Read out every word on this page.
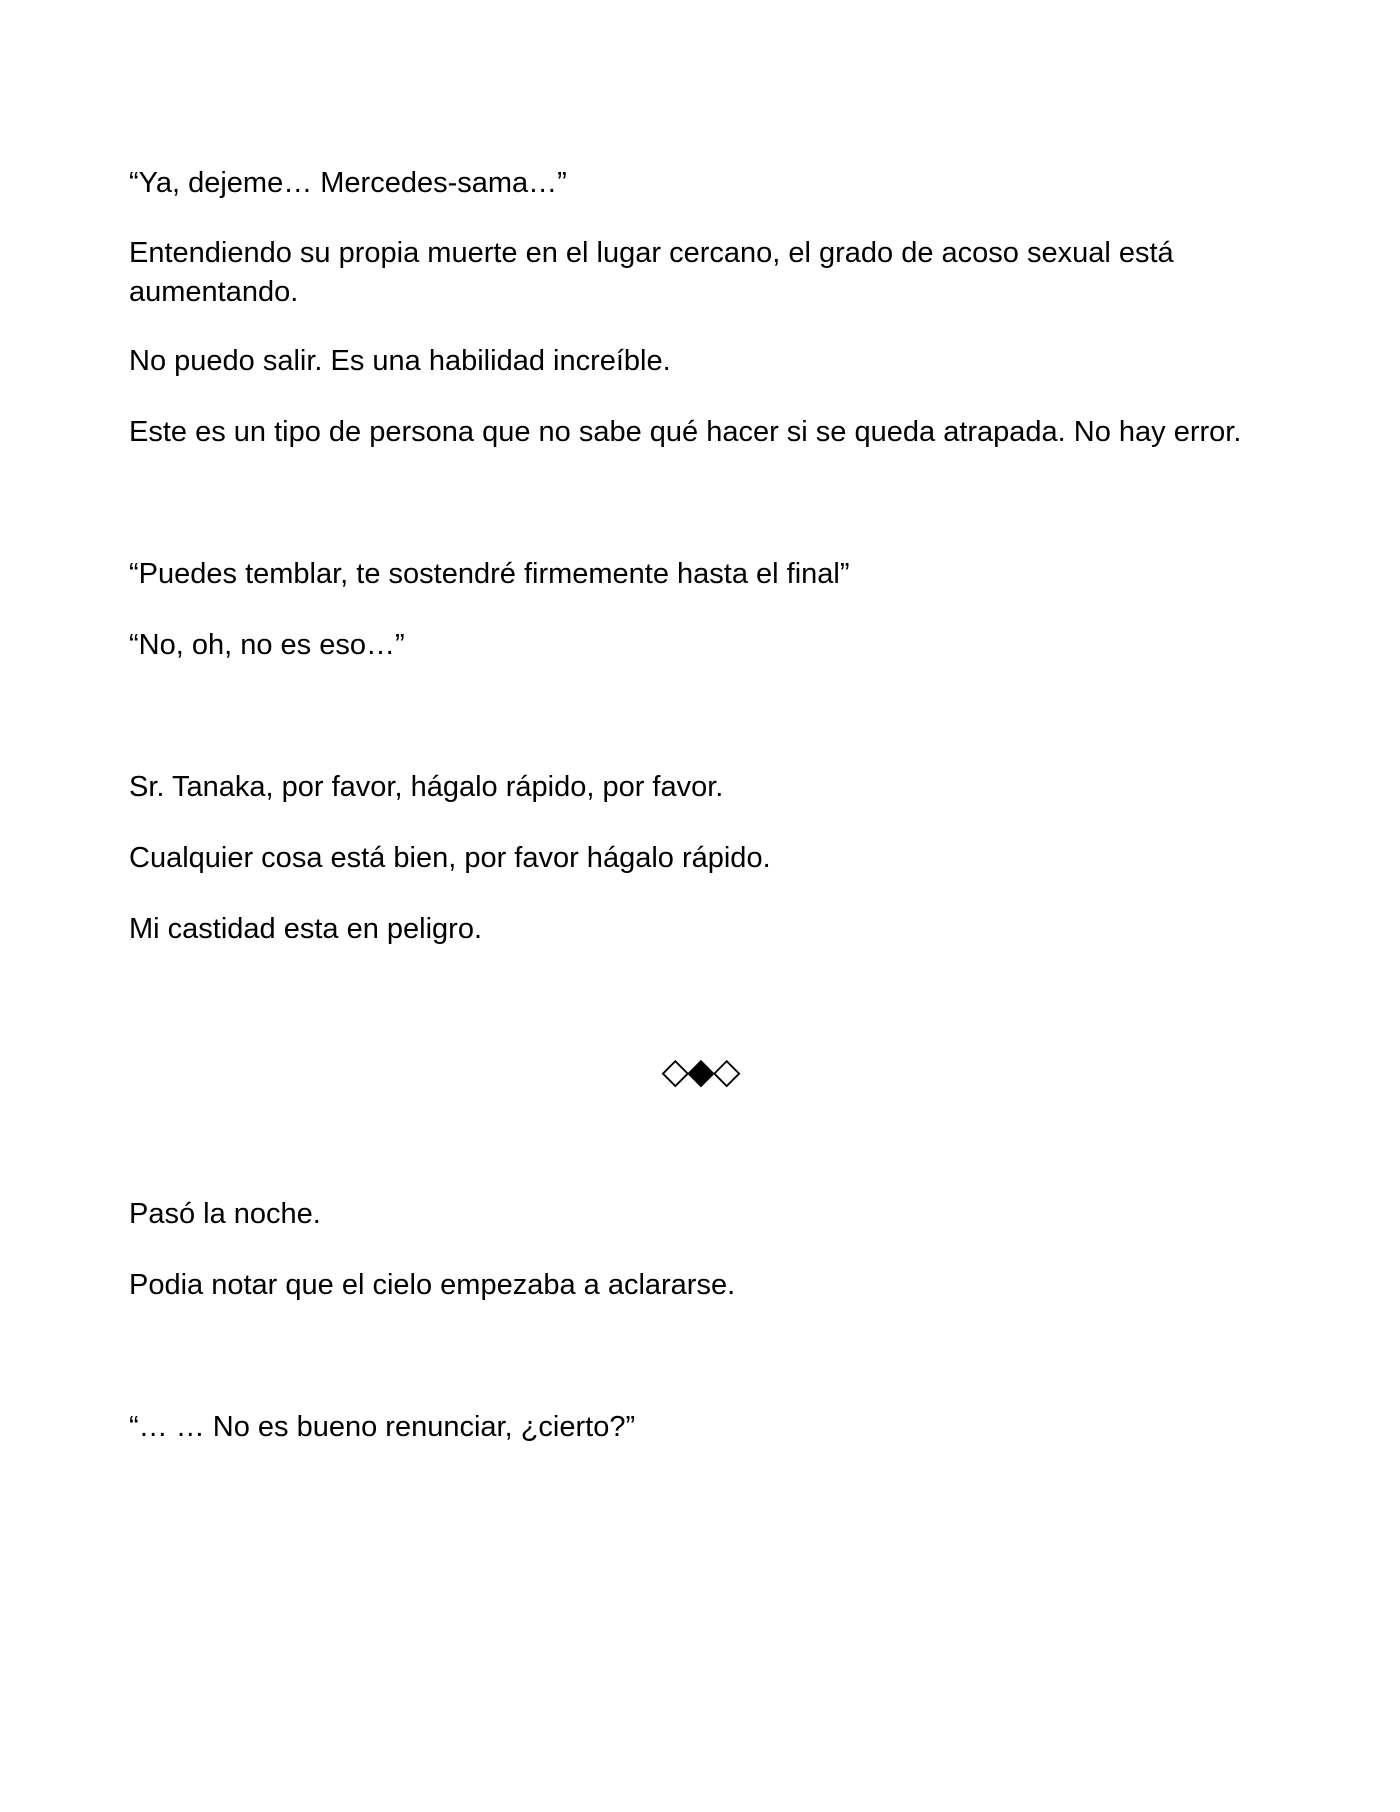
“Ya, dejeme… Mercedes-sama…”

Entendiendo su propia muerte en el lugar cercano, el grado de acoso sexual está aumentando.

No puedo salir. Es una habilidad increíble.

Este es un tipo de persona que no sabe qué hacer si se queda atrapada. No hay error.

“Puedes temblar, te sostendré firmemente hasta el final”

“No, oh, no es eso…”

Sr. Tanaka, por favor, hágalo rápido, por favor.

Cualquier cosa está bien, por favor hágalo rápido.

Mi castidad esta en peligro.

◇◆◇

Pasó la noche.

Podia notar que el cielo empezaba a aclararse.

“… … No es bueno renunciar, ¿cierto?”
